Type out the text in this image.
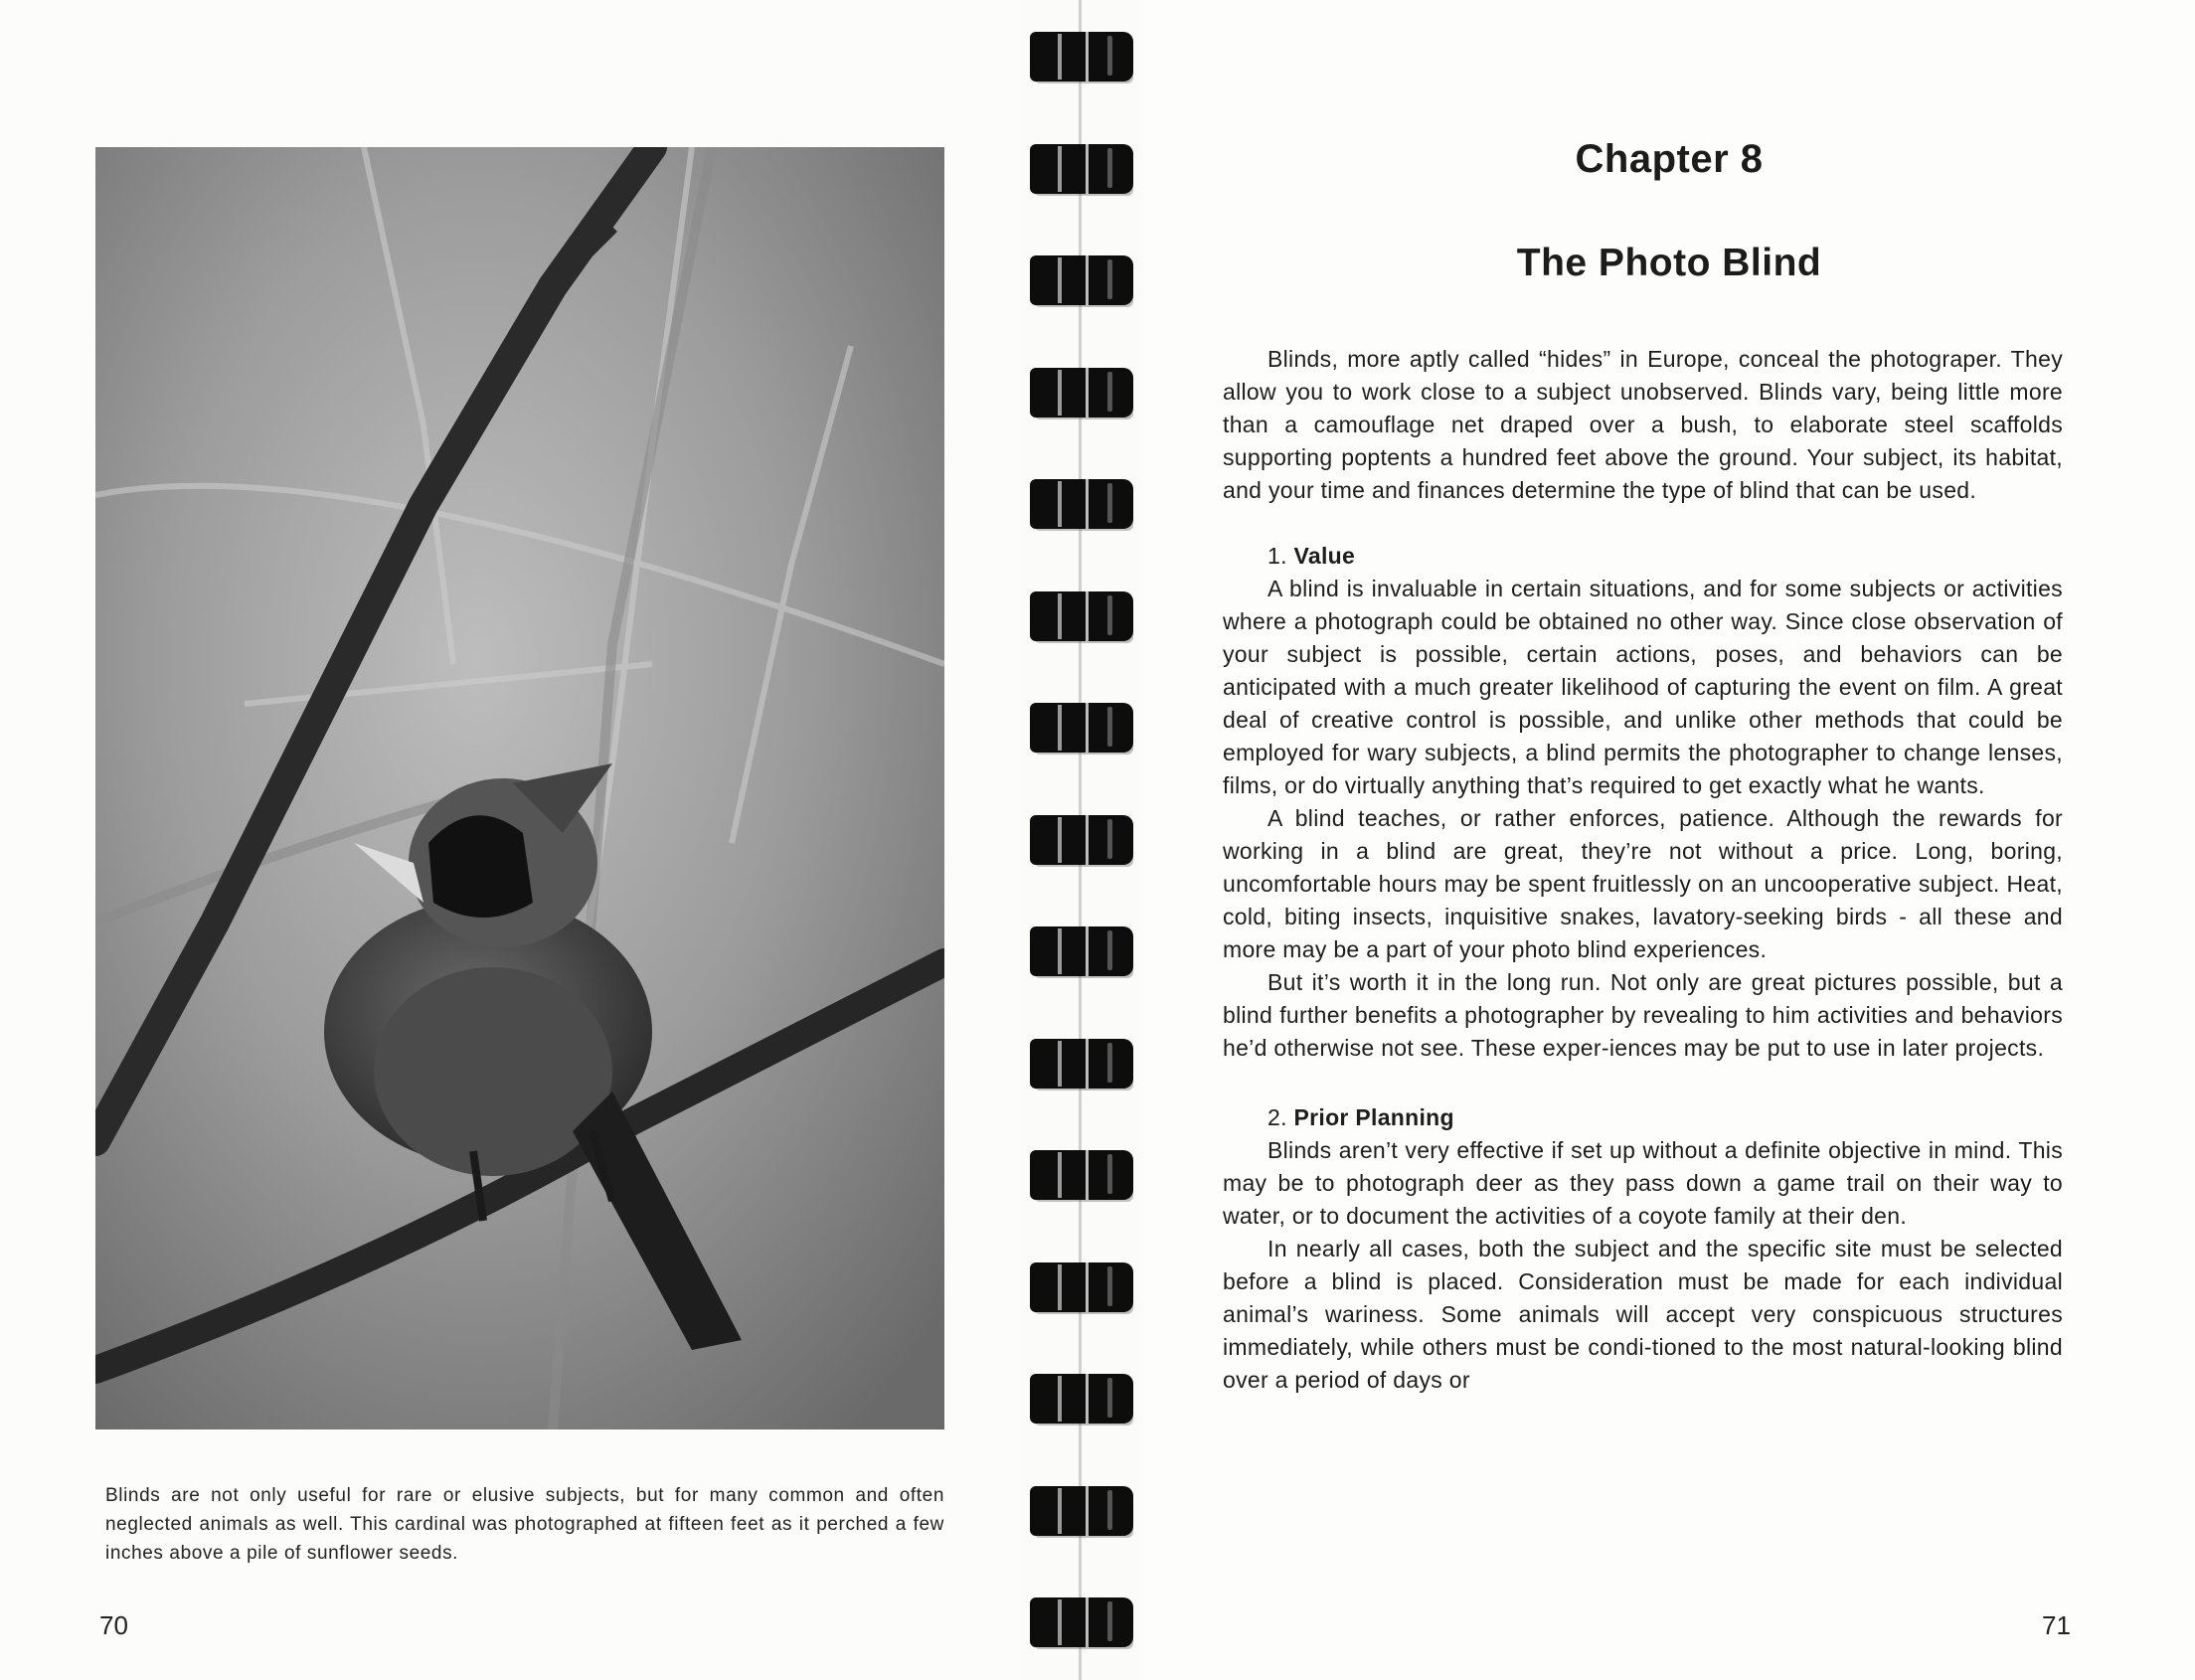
Blinds are not only useful for rare or elusive subjects, but for many common and often neglected animals as well. This cardinal was photographed at fifteen feet as it perched a few inches above a pile of sunflower seeds.

70
Chapter 8
The Photo Blind

Blinds, more aptly called “hides” in Europe, conceal the photograper. They allow you to work close to a subject unobserved. Blinds vary, being little more than a camouflage net draped over a bush, to elaborate steel scaffolds supporting poptents a hundred feet above the ground. Your subject, its habitat, and your time and finances determine the type of blind that can be used.

1. Value

A blind is invaluable in certain situations, and for some subjects or activities where a photograph could be obtained no other way. Since close observation of your subject is possible, certain actions, poses, and behaviors can be anticipated with a much greater likelihood of capturing the event on film. A great deal of creative control is possible, and unlike other methods that could be employed for wary subjects, a blind permits the photographer to change lenses, films, or do virtually anything that’s required to get exactly what he wants.

A blind teaches, or rather enforces, patience. Although the rewards for working in a blind are great, they’re not without a price. Long, boring, uncomfortable hours may be spent fruitlessly on an uncooperative subject. Heat, cold, biting insects, inquisitive snakes, lavatory-seeking birds - all these and more may be a part of your photo blind experiences.

But it’s worth it in the long run. Not only are great pictures possible, but a blind further benefits a photographer by revealing to him activities and behaviors he’d otherwise not see. These exper-iences may be put to use in later projects.

2. Prior Planning

Blinds aren’t very effective if set up without a definite objective in mind. This may be to photograph deer as they pass down a game trail on their way to water, or to document the activities of a coyote family at their den.

In nearly all cases, both the subject and the specific site must be selected before a blind is placed. Consideration must be made for each individual animal’s wariness. Some animals will accept very conspicuous structures immediately, while others must be condi-tioned to the most natural-looking blind over a period of days or

71
